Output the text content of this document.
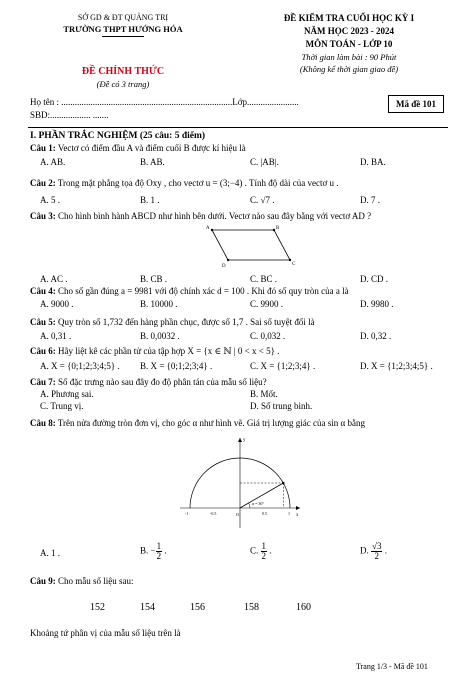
SỞ GD & ĐT QUẢNG TRỊ
TRƯỜNG THPT HƯỚNG HÓA
ĐỀ CHÍNH THỨC
(Đề có 3 trang)
ĐỀ KIỂM TRA CUỐI HỌC KỲ I
NĂM HỌC 2023 - 2024
MÔN TOÁN - LỚP 10
Thời gian làm bài : 90 Phút
(Không kể thời gian giao đề)
Họ tên : ............................................................................Lớp.......................
SBD:.................. .......
Mã đề 101
I. PHẦN TRẮC NGHIỆM (25 câu: 5 điểm)
Câu 1: Vectơ có điểm đầu A và điểm cuối B được kí hiệu là
A. AB.	B. AB.	C. |AB|.	D. BA.
Câu 2: Trong mặt phẳng tọa độ Oxy , cho vectơ u = (3;−4) . Tính độ dài của vectơ u .
A. 5 .	B. 1 .	C. √7 .	D. 7 .
Câu 3: Cho hình bình hành ABCD như hình bên dưới. Vectơ nào sau đây bằng với vectơ AD ?
A	B
C
D
A. AC .	B. CB .	C. BC .	D. CD .
Câu 4: Cho số gần đúng a = 9981 với độ chính xác d = 100 . Khi đó số quy tròn của a là
A. 9000 .	B. 10000 .	C. 9900 .	D. 9980 .
Câu 5: Quy tròn số 1,732 đến hàng phần chục, được số 1,7 . Sai số tuyệt đối là
A. 0,31 .	B. 0,0032 .	C. 0,032 .	D. 0,32 .
Câu 6: Hãy liệt kê các phần tử của tập hợp X = {x ∈ ℕ | 0 < x < 5} .
A. X = {0;1;2;3;4;5} . B. X = {0;1;2;3;4} .	C. X = {1;2;3;4} .	D. X = {1;2;3;4;5} .
Câu 7: Số đặc trưng nào sau đây đo độ phân tán của mẫu số liệu?
A. Phương sai.	B. Mốt.
C. Trung vị.	D. Số trung bình.
Câu 8: Trên nửa đường tròn đơn vị, cho góc α như hình vẽ. Giá trị lượng giác của sin α bằng
y
x
O
α = 30°
-1	1
-0.5	0.5
A. 1 .	B. − $\frac{1}{2}$ .	C. $\frac{1}{2}$ .	D. $\frac{√3}{2}$ .
Câu 9: Cho mẫu số liệu sau:
152	154	156	158	160
Khoảng tứ phân vị của mẫu số liệu trên là
Trang 1/3 - Mã đề 101
